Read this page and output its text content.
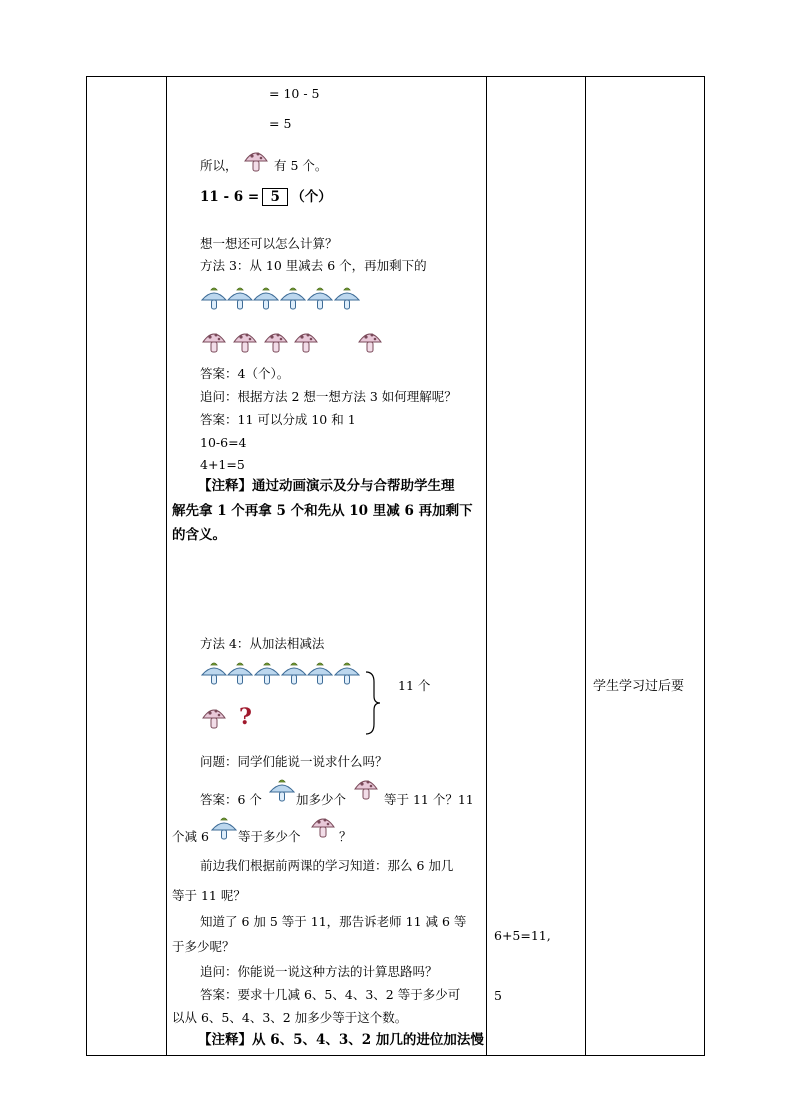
= 10 - 5
= 5
所以，	有 5 个。
11 - 6 = 5 （个）
想一想还可以怎么计算？
方法 3：从 10 里减去 6 个，再加剩下的
答案：4（个）。
追问：根据方法 2 想一想方法 3 如何理解呢？
答案：11 可以分成 10 和 1
10-6=4
4+1=5
【注释】通过动画演示及分与合帮助学生理
解先拿 1 个再拿 5 个和先从 10 里减 6 再加剩下
的含义。
方法 4：从加法相减法
?
11 个
问题：同学们能说一说求什么吗？
答案：6 个	加多少个	等于 11 个？11
个减 6 等于多少个	？
前边我们根据前两课的学习知道：那么 6 加几
等于 11 呢？
知道了 6 加 5 等于 11，那告诉老师 11 减 6 等
于多少呢？
追问：你能说一说这种方法的计算思路吗？
答案：要求十几减 6、5、4、3、2 等于多少可
以从 6、5、4、3、2 加多少等于这个数。
【注释】从 6、5、4、3、2 加几的进位加法慢
6+5=11,
5
学生学习过后要
